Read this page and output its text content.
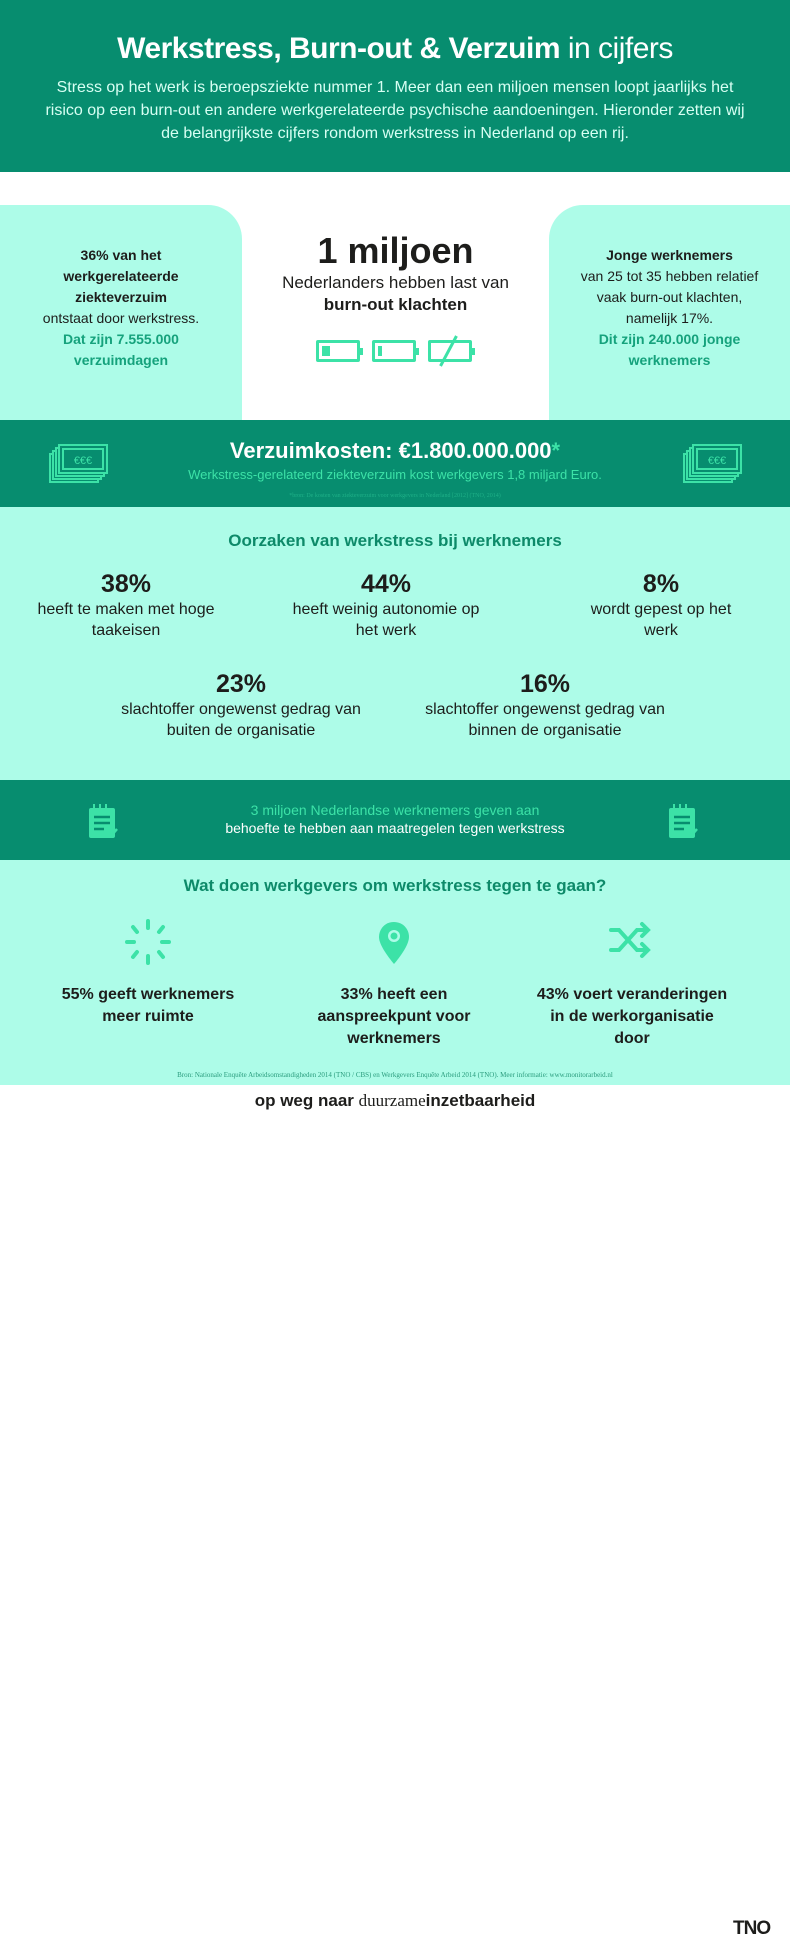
Werkstress, Burn-out & Verzuim in cijfers
Stress op het werk is beroepsziekte nummer 1. Meer dan een miljoen mensen loopt jaarlijks het risico op een burn-out en andere werkgerelateerde psychische aandoeningen. Hieronder zetten wij de belangrijkste cijfers rondom werkstress in Nederland op een rij.
36% van het werkgerelateerde ziekteverzuim
ontstaat door werkstress.
Dat zijn 7.555.000 verzuimdagen
1 miljoen
Nederlanders hebben last van
burn-out klachten
Jonge werknemers
van 25 tot 35 hebben relatief vaak burn-out klachten, namelijk 17%.
Dit zijn 240.000 jonge werknemers
€€€	€€€
Verzuimkosten: €1.800.000.000*
Werkstress-gerelateerd ziekteverzuim kost werkgevers 1,8 miljard Euro.
*bron: De kosten van ziekteverzuim voor werkgevers in Nederland [2012] (TNO, 2014)
Oorzaken van werkstress bij werknemers
38%
heeft te maken met hoge taakeisen
44%
heeft weinig autonomie op het werk
8%
wordt gepest op het werk
23%
slachtoffer ongewenst gedrag van buiten de organisatie
16%
slachtoffer ongewenst gedrag van binnen de organisatie
3 miljoen Nederlandse werknemers geven aan
behoefte te hebben aan maatregelen tegen werkstress
Wat doen werkgevers om werkstress tegen te gaan?
55% geeft werknemers meer ruimte
33% heeft een aanspreekpunt voor werknemers
43% voert veranderingen in de werkorganisatie door
TNO
Bron: Nationale Enquête Arbeidsomstandigheden 2014 (TNO / CBS) en Werkgevers Enquête Arbeid 2014 (TNO). Meer informatie: www.monitorarbeid.nl
op weg naar duurzameinzetbaarheid
